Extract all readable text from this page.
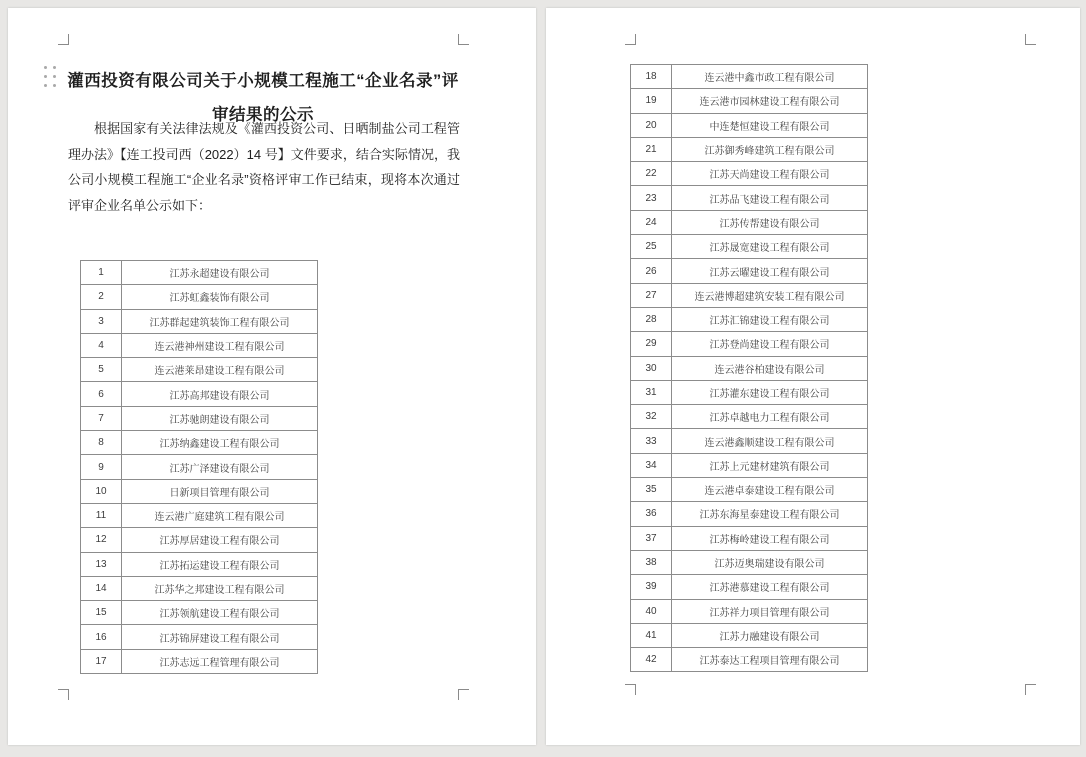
灌西投资有限公司关于小规模工程施工“企业名录”评
审结果的公示

根据国家有关法律法规及《灌西投资公司、日晒制盐公司工程管理办法》【连工投司西（2022）14 号】文件要求，结合实际情况，我公司小规模工程施工“企业名录”资格评审工作已结束，现将本次通过评审企业名单公示如下：

1	江苏永超建设有限公司
2	江苏虹鑫装饰有限公司
3	江苏群起建筑装饰工程有限公司
4	连云港神州建设工程有限公司
5	连云港莱昂建设工程有限公司
6	江苏高邦建设有限公司
7	江苏驰朗建设有限公司
8	江苏纳鑫建设工程有限公司
9	江苏广泽建设有限公司
10	日新项目管理有限公司
11	连云港广庭建筑工程有限公司
12	江苏厚居建设工程有限公司
13	江苏拓运建设工程有限公司
14	江苏华之邦建设工程有限公司
15	江苏领航建设工程有限公司
16	江苏锦屏建设工程有限公司
17	江苏志远工程管理有限公司
18	连云港中鑫市政工程有限公司
19	连云港市园林建设工程有限公司
20	中连楚恒建设工程有限公司
21	江苏御秀峰建筑工程有限公司
22	江苏天尚建设工程有限公司
23	江苏品飞建设工程有限公司
24	江苏传帮建设有限公司
25	江苏晟宽建设工程有限公司
26	江苏云曜建设工程有限公司
27	连云港博超建筑安装工程有限公司
28	江苏汇锦建设工程有限公司
29	江苏登尚建设工程有限公司
30	连云港谷柏建设有限公司
31	江苏灌东建设工程有限公司
32	江苏卓越电力工程有限公司
33	连云港鑫顺建设工程有限公司
34	江苏上元建材建筑有限公司
35	连云港卓泰建设工程有限公司
36	江苏东海星泰建设工程有限公司
37	江苏梅岭建设工程有限公司
38	江苏迈奥瑞建设有限公司
39	江苏港慕建设工程有限公司
40	江苏祥力项目管理有限公司
41	江苏力融建设有限公司
42	江苏泰达工程项目管理有限公司
